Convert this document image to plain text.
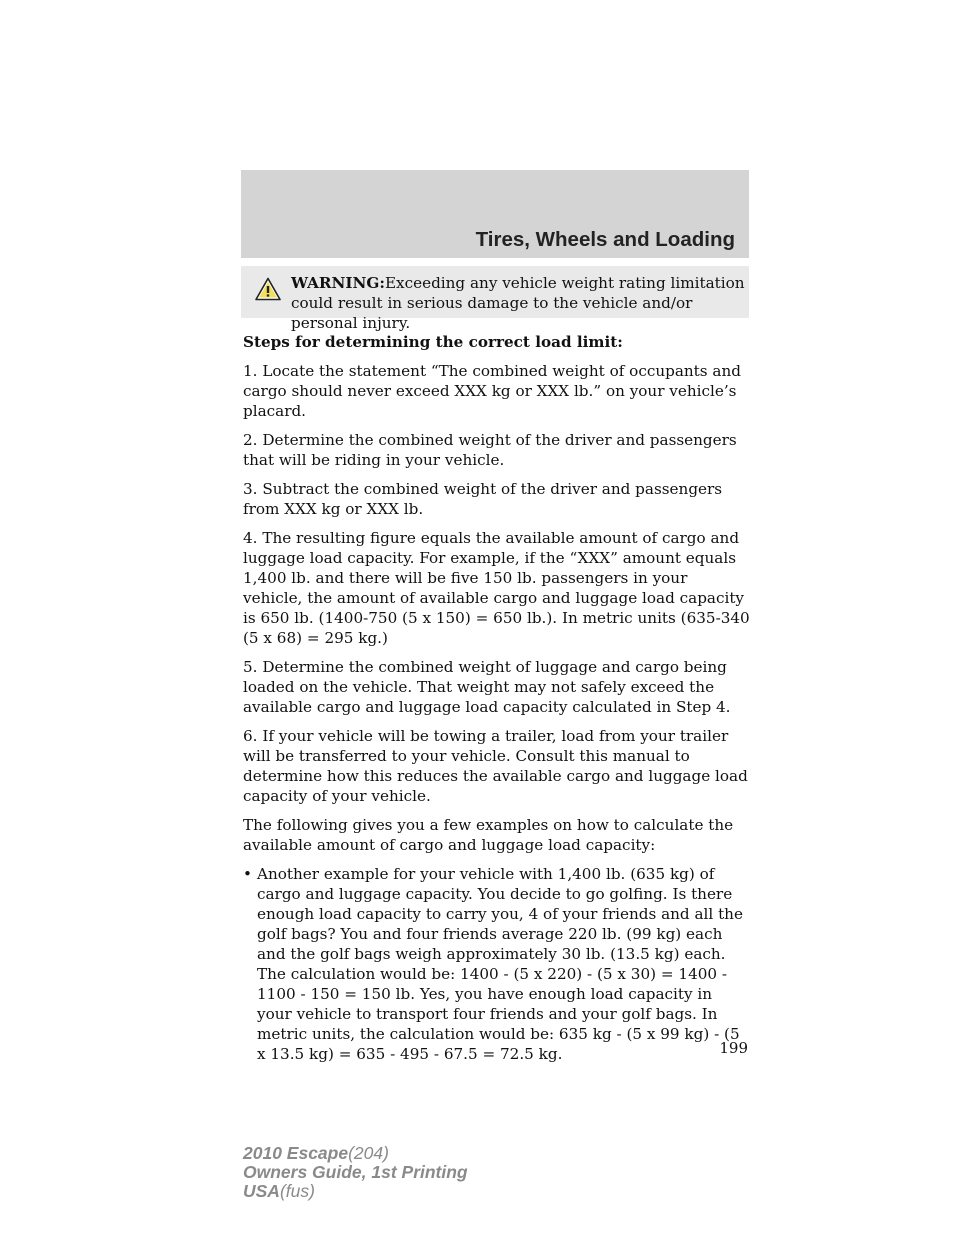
Tires, Wheels and Loading
WARNING:Exceeding any vehicle weight rating limitation could result in serious damage to the vehicle and/or personal injury.

Steps for determining the correct load limit:

1. Locate the statement “The combined weight of occupants and cargo should never exceed XXX kg or XXX lb.” on your vehicle’s placard.

2. Determine the combined weight of the driver and passengers that will be riding in your vehicle.

3. Subtract the combined weight of the driver and passengers from XXX kg or XXX lb.

4. The resulting figure equals the available amount of cargo and luggage load capacity. For example, if the “XXX” amount equals 1,400 lb. and there will be five 150 lb. passengers in your vehicle, the amount of available cargo and luggage load capacity is 650 lb. (1400-750 (5 x 150) = 650 lb.). In metric units (635-340 (5 x 68) = 295 kg.)

5. Determine the combined weight of luggage and cargo being loaded on the vehicle. That weight may not safely exceed the available cargo and luggage load capacity calculated in Step 4.

6. If your vehicle will be towing a trailer, load from your trailer will be transferred to your vehicle. Consult this manual to determine how this reduces the available cargo and luggage load capacity of your vehicle.

The following gives you a few examples on how to calculate the available amount of cargo and luggage load capacity:

• Another example for your vehicle with 1,400 lb. (635 kg) of cargo and luggage capacity. You decide to go golfing. Is there enough load capacity to carry you, 4 of your friends and all the golf bags? You and four friends average 220 lb. (99 kg) each and the golf bags weigh approximately 30 lb. (13.5 kg) each. The calculation would be: 1400 - (5 x 220) - (5 x 30) = 1400 - 1100 - 150 = 150 lb. Yes, you have enough load capacity in your vehicle to transport four friends and your golf bags. In metric units, the calculation would be: 635 kg - (5 x 99 kg) - (5 x 13.5 kg) = 635 - 495 - 67.5 = 72.5 kg.	199
2010 Escape(204)
Owners Guide, 1st Printing
USA(fus)
